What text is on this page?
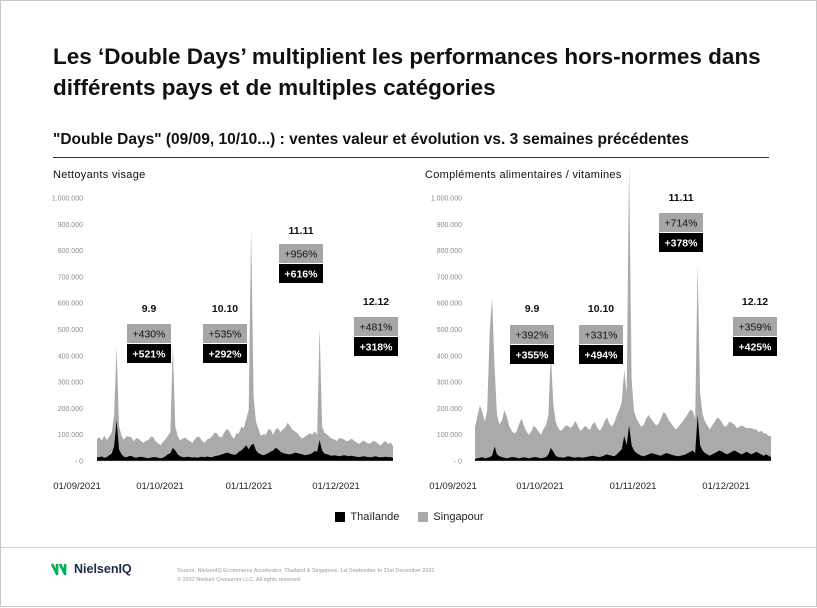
Les ‘Double Days’ multiplient les performances hors-normes dans différents pays et de multiples catégories
"Double Days" (09/09, 10/10...) : ventes valeur et évolution vs. 3 semaines précédentes
Nettoyants visage
1.000.000
900.000
800.000
700.000
600.000
500.000
400.000
300.000
200.000
100.000
- 0
01/09/2021	01/10/2021	01/11/2021	01/12/2021
9.9
+430%
+521%
10.10
+535%
+292%
11.11
+956%
+616%
12.12
+481%
+318%
Compléments alimentaires / vitamines
1.000.000
900.000
800.000
700.000
600.000
500.000
400.000
300.000
200.000
100.000
- 0
01/09/2021	01/10/2021	01/11/2021	01/12/2021
9.9
+392%
+355%
10.10
+331%
+494%
11.11
+714%
+378%
12.12
+359%
+425%
Thaïlande
	Singapour
NielsenIQ	Source: NielsenIQ Ecommerce Accelerator, Thailand & Singapore, 1st September to 31st December 2021
© 2022 Nielsen Consumer LLC. All rights reserved.
